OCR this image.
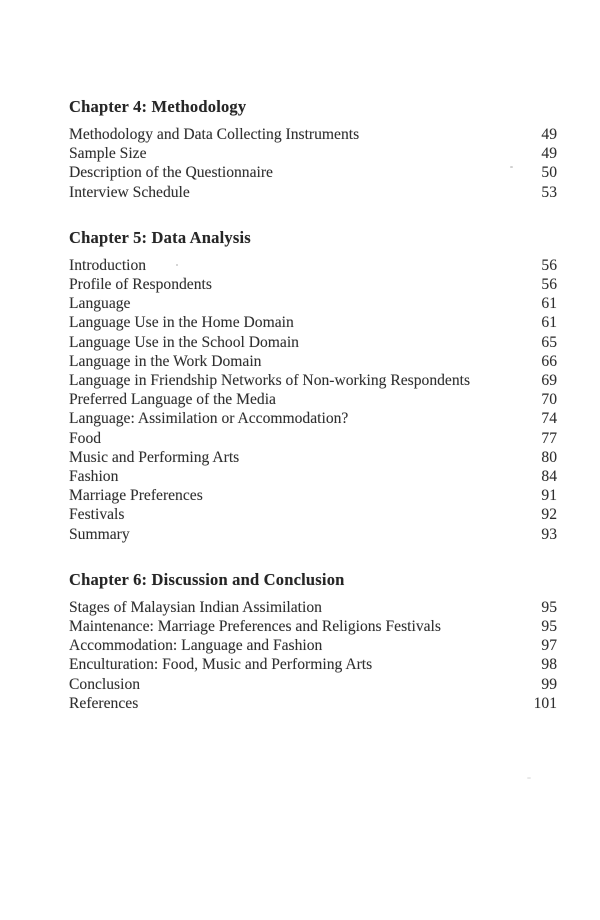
Chapter 4: Methodology
Methodology and Data Collecting Instruments	49
Sample Size	49
Description of the Questionnaire	50
Interview Schedule	53
Chapter 5: Data Analysis
Introduction	56
Profile of Respondents	56
Language	61
Language Use in the Home Domain	61
Language Use in the School Domain	65
Language in the Work Domain	66
Language in Friendship Networks of Non-working Respondents	69
Preferred Language of the Media	70
Language: Assimilation or Accommodation?	74
Food	77
Music and Performing Arts	80
Fashion	84
Marriage Preferences	91
Festivals	92
Summary	93
Chapter 6: Discussion and Conclusion
Stages of Malaysian Indian Assimilation	95
Maintenance: Marriage Preferences and Religions Festivals	95
Accommodation: Language and Fashion	97
Enculturation: Food, Music and Performing Arts	98
Conclusion	99
References	101
